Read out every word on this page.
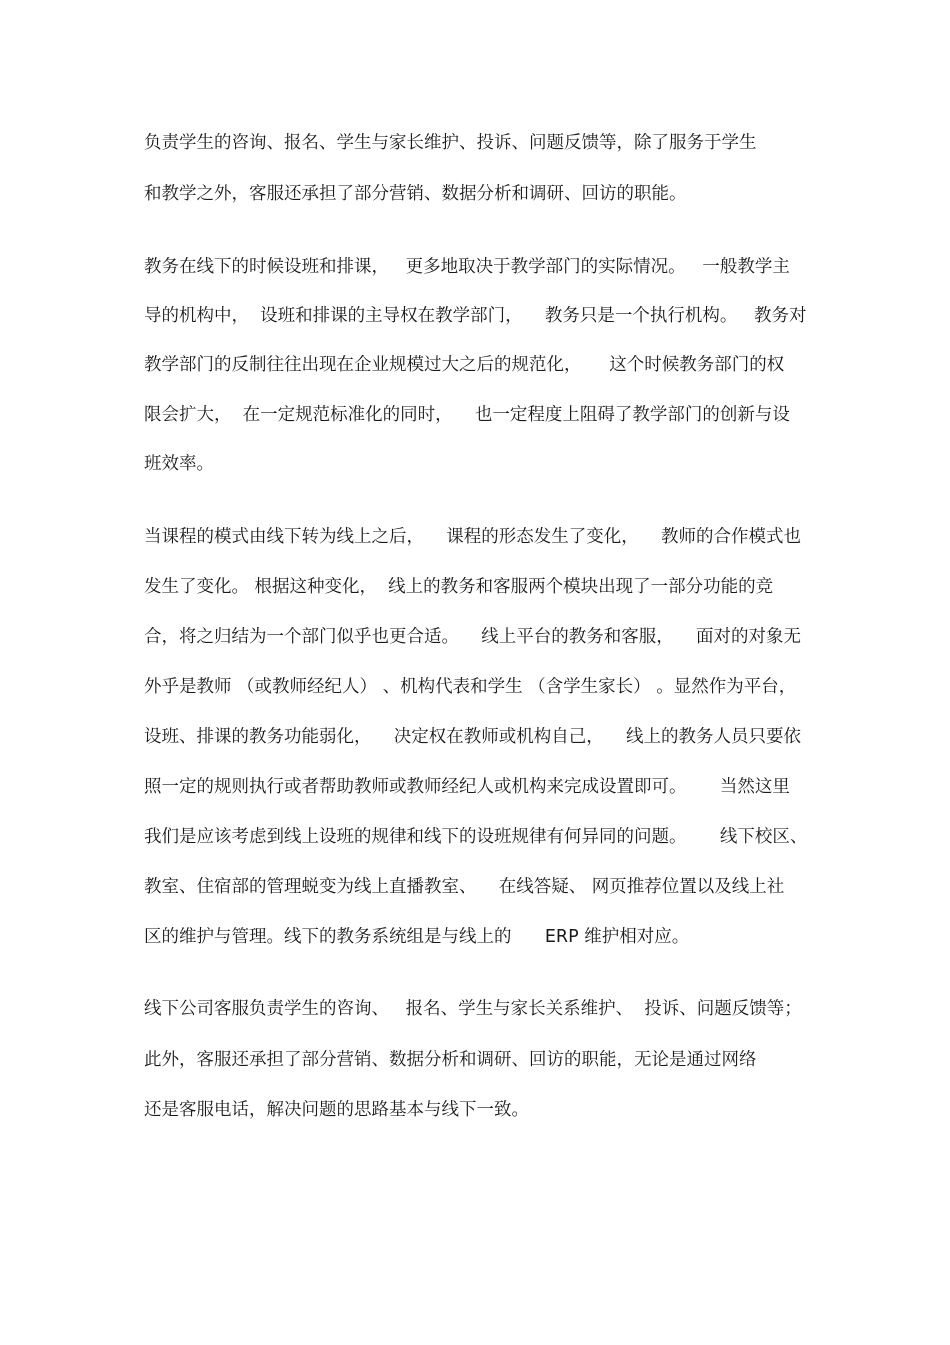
负责学生的咨询、报名、学生与家长维护、投诉、问题反馈等，除了服务于学生
和教学之外，客服还承担了部分营销、数据分析和调研、回访的职能。
教务在线下的时候设班和排课，   更多地取决于教学部门的实际情况。   一般教学主
导的机构中，  设班和排课的主导权在教学部门，    教务只是一个执行机构。   教务对
教学部门的反制往往出现在企业规模过大之后的规范化，     这个时候教务部门的权
限会扩大，  在一定规范标准化的同时，    也一定程度上阻碍了教学部门的创新与设
班效率。
当课程的模式由线下转为线上之后，    课程的形态发生了变化，    教师的合作模式也
发生了变化。 根据这种变化，  线上的教务和客服两个模块出现了一部分功能的竞
合，将之归结为一个部门似乎也更合适。    线上平台的教务和客服，    面对的对象无
外乎是教师 （或教师经纪人） 、机构代表和学生 （含学生家长） 。显然作为平台，
设班、排课的教务功能弱化，    决定权在教师或机构自己，    线上的教务人员只要依
照一定的规则执行或者帮助教师或教师经纪人或机构来完成设置即可。      当然这里
我们是应该考虑到线上设班的规律和线下的设班规律有何异同的问题。      线下校区、
教室、住宿部的管理蜕变为线上直播教室、    在线答疑、 网页推荐位置以及线上社
区的维护与管理。线下的教务系统组是与线上的      ERP 维护相对应。
线下公司客服负责学生的咨询、   报名、学生与家长关系维护、  投诉、问题反馈等；
此外，客服还承担了部分营销、数据分析和调研、回访的职能，无论是通过网络
还是客服电话，解决问题的思路基本与线下一致。
